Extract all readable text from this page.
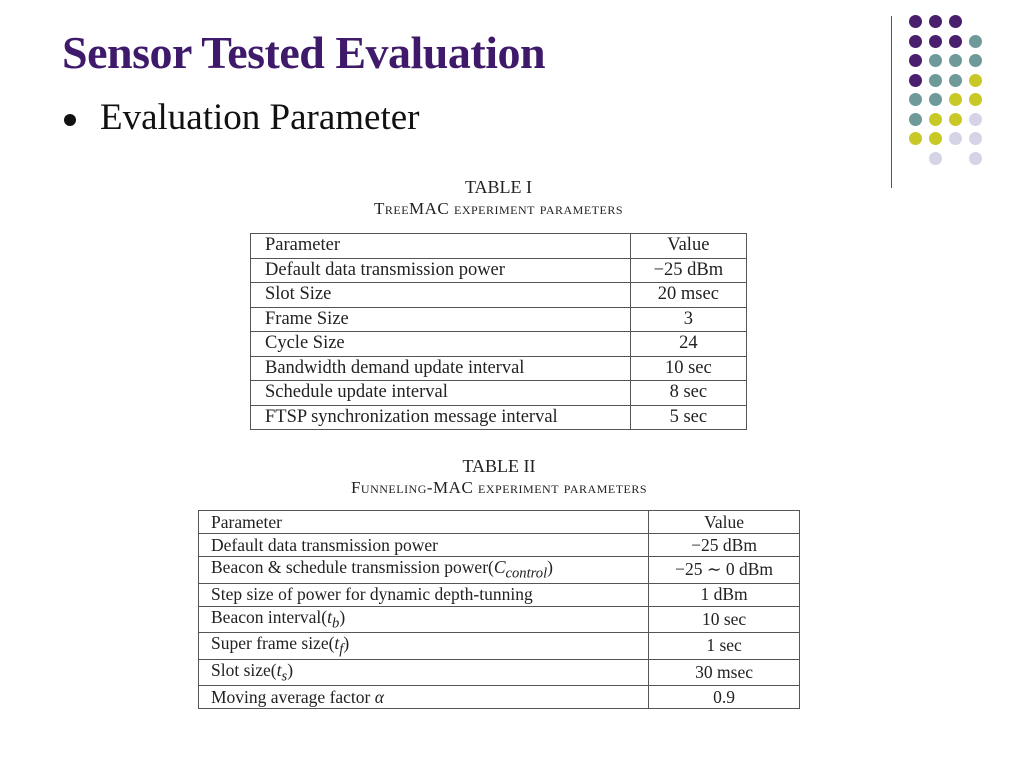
Sensor Tested Evaluation
Evaluation Parameter
TABLE I
TreeMAC experiment parameters
Parameter	Value
Default data transmission power	−25 dBm
Slot Size	20 msec
Frame Size	3
Cycle Size	24
Bandwidth demand update interval	10 sec
Schedule update interval	8 sec
FTSP synchronization message interval	5 sec
TABLE II
Funneling-MAC experiment parameters
Parameter	Value
Default data transmission power	−25 dBm
Beacon & schedule transmission $power(C_{control})$	−25 ∼ 0 dBm
Step size of power for dynamic depth-tunning	1 dBm
Beacon $interval(t_b)$	10 sec
Super frame $size(t_f)$	1 sec
Slot $size(t_s)$	30 msec
Moving average factor α	0.9
